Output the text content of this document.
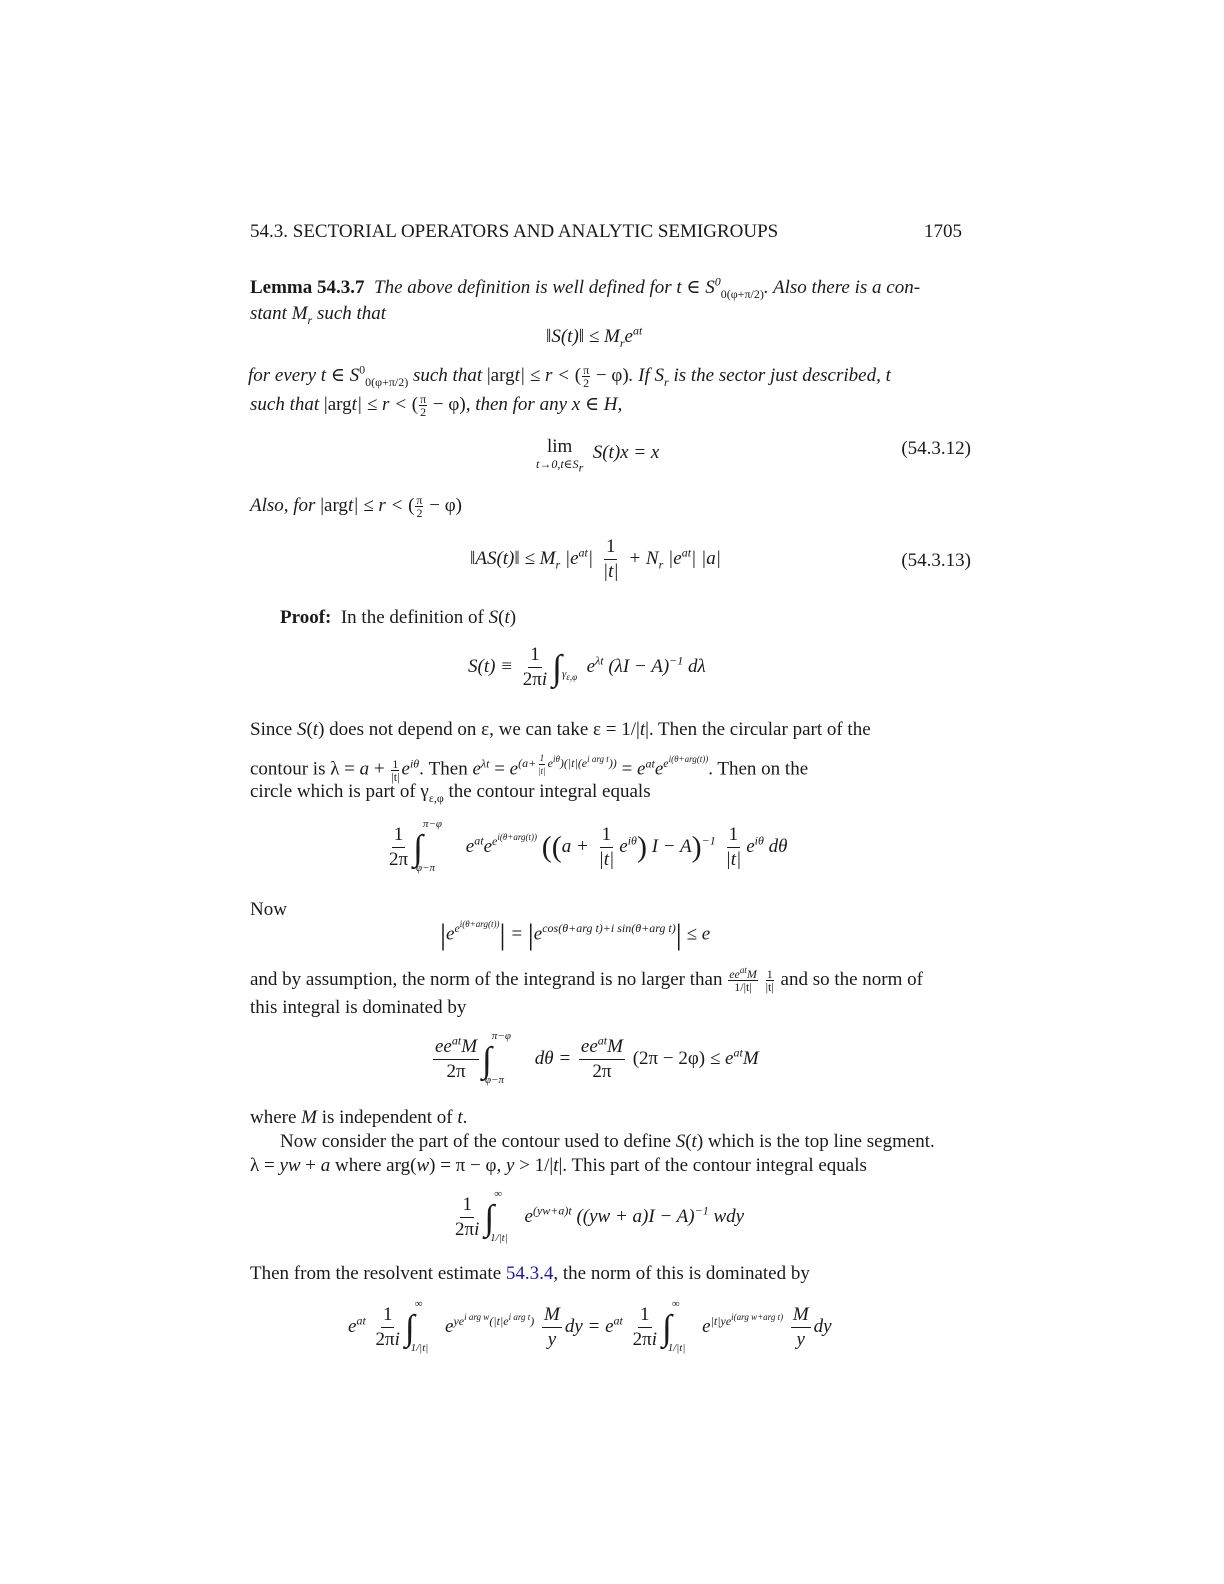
54.3. SECTORIAL OPERATORS AND ANALYTIC SEMIGROUPS	1705
Lemma 54.3.7  The above definition is well defined for t ∈ $S^0_{0(\varphi+\pi/2)}$. Also there is a con-
stant $M_r$ such that
‖S(t)‖ ≤ $M_re^{at}$
for every t ∈ $S^0_{0(\varphi+\pi/2)}$ such that |argt| ≤ r < ( $\frac{\pi}{2} - \varphi$). If $S_r$ is the sector just described, t
such that |argt| ≤ r < ( $\frac{\pi}{2} - \varphi$), then for any x ∈ H,
lim
$t\to 0,t\in S_r$
S(t)x = x	(54.3.12)
Also, for |argt| ≤ r < ( $\frac{\pi}{2} - \varphi$)
‖AS(t)‖ ≤ $M_r$ $|e^{at}| \frac{1}{|t|} + N_r$ $|e^{at}|$ |a|	(54.3.13)
Proof:  In the definition of S(t)
$S(t) \equiv \frac{1}{2\pi i} \int_{\gamma_{\varepsilon,\varphi}}$  $e^{\lambda t}$ $(\lambda I - A)^{-1}$ dλ
Since S(t) does not depend on ε, we can take ε = 1/|t|. Then the circular part of the
contour is $\lambda = a + \frac{1}{|t|} e^{i\theta}$. Then $e^{\lambda t} = e^{(a+ \frac{1}{|t|} e^{i\theta})(|t|(e^{i arg t}))} = e^{at}e^{e^{i(\theta+arg(t))}}$. Then on the
circle which is part of $\gamma_{\varepsilon,\varphi}$ the contour integral equals
$\frac{1}{2\pi} \int^{\pi-\varphi}_{\varphi-\pi}$ $e^{at}e^{e^{i(\theta+arg(t))}}$ ($(a + \frac{1}{|t|} e^{i\theta})$ $I - A)^{-1} \frac{1}{|t|} e^{i\theta}$ dθ
Now
$|e^{e^{i(\theta+arg(t))}}| = |e^{cos(\theta+arg t)+i sin(\theta+arg t)}| \le e$
and by assumption, the norm of the integrand is no larger than $ee^{at}M$
1/|t|
$\frac{1}{|t|}$ and so the norm of
this integral is dominated by
$\frac{ee^{at}M}{2\pi} \int^{\pi-\varphi}_{\varphi-\pi}$ $d\theta = \frac{ee^{at}M}{2\pi} (2\pi - 2\varphi) \le e^{at}M$
where M is independent of t.
Now consider the part of the contour used to define S(t) which is the top line segment.
λ = yw + a where arg(w) = π − φ, y > 1/|t|. This part of the contour integral equals
$\frac{1}{2\pi i} \int^\infty_{1/|t|}$ $e^{(yw+a)t}$ $((yw + a)I - A)^{-1}$ wdy
Then from the resolvent estimate 54.3.4, the norm of this is dominated by
$e^{at} \frac{1}{2\pi i} \int^\infty_{1/|t|}$ $e^{ye^{i arg w}(|t|e^{i arg t})} \frac{M}{y}$ dy = $e^{at} \frac{1}{2\pi i} \int^\infty_{1/|t|}$ $e^{|t|ye^{i(arg w+arg t)}} \frac{M}{y}$ dy
